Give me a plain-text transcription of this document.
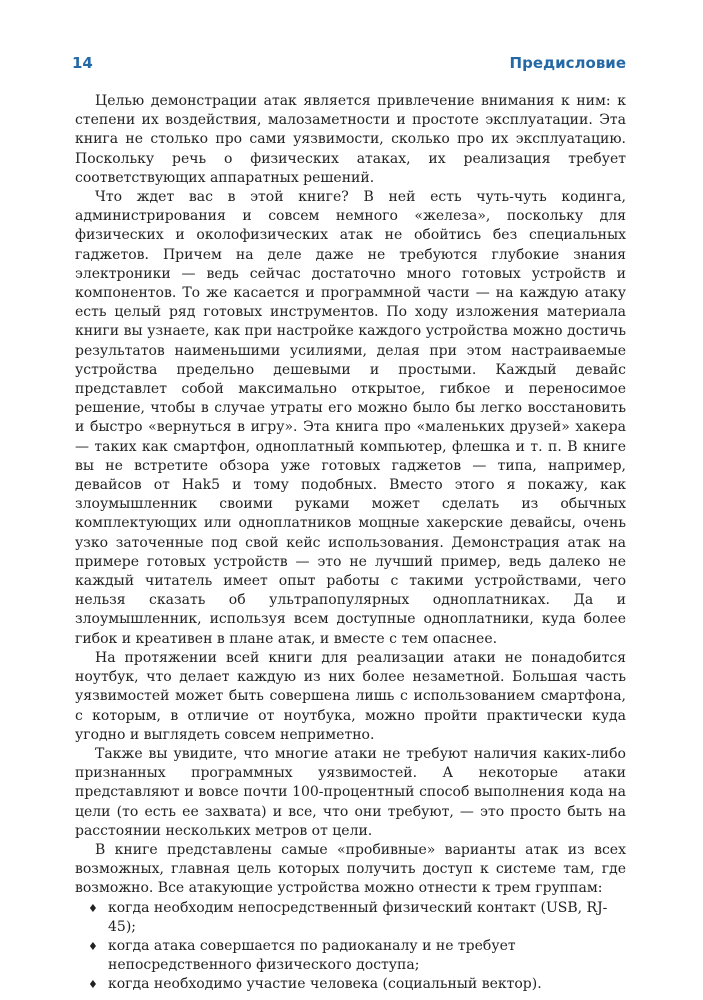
14	Предисловие

Целью демонстрации атак является привлечение внимания к ним: к степени их воздействия, малозаметности и простоте эксплуатации. Эта книга не столько про сами уязвимости, сколько про их эксплуатацию. Поскольку речь о физических атаках, их реализация требует соответствующих аппаратных решений.

Что ждет вас в этой книге? В ней есть чуть-чуть кодинга, администрирования и совсем немного «железа», поскольку для физических и околофизических атак не обойтись без специальных гаджетов. Причем на деле даже не требуются глубокие знания электроники — ведь сейчас достаточно много готовых устройств и компонентов. То же касается и программной части — на каждую атаку есть целый ряд готовых инструментов. По ходу изложения материала книги вы узнаете, как при настройке каждого устройства можно достичь результатов наименьшими усилиями, делая при этом настраиваемые устройства предельно дешевыми и простыми. Каждый девайс представлет собой максимально открытое, гибкое и переносимое решение, чтобы в случае утраты его можно было бы легко восстановить и быстро «вернуться в игру». Эта книга про «маленьких друзей» хакера — таких как смартфон, одноплатный компьютер, флешка и т. п. В книге вы не встретите обзора уже готовых гаджетов — типа, например, девайсов от Hak5 и тому подобных. Вместо этого я покажу, как злоумышленник своими руками может сделать из обычных комплектующих или одноплатников мощные хакерские девайсы, очень узко заточенные под свой кейс использования. Демонстрация атак на примере готовых устройств — это не лучший пример, ведь далеко не каждый читатель имеет опыт работы с такими устройствами, чего нельзя сказать об ультрапопулярных одноплатниках. Да и злоумышленник, используя всем доступные одноплатники, куда более гибок и креативен в плане атак, и вместе с тем опаснее.

На протяжении всей книги для реализации атаки не понадобится ноутбук, что делает каждую из них более незаметной. Большая часть уязвимостей может быть совершена лишь с использованием смартфона, с которым, в отличие от ноутбука, можно пройти практически куда угодно и выглядеть совсем неприметно.

Также вы увидите, что многие атаки не требуют наличия каких-либо признанных программных уязвимостей. А некоторые атаки представляют и вовсе почти 100-процентный способ выполнения кода на цели (то есть ее захвата) и все, что они требуют, — это просто быть на расстоянии нескольких метров от цели.

В книге представлены самые «пробивные» варианты атак из всех возможных, главная цель которых получить доступ к системе там, где возможно. Все атакующие устройства можно отнести к трем группам:

♦ когда необходим непосредственный физический контакт (USB, RJ-45);
♦ когда атака совершается по радиоканалу и не требует непосредственного физического доступа;
♦ когда необходимо участие человека (социальный вектор).
